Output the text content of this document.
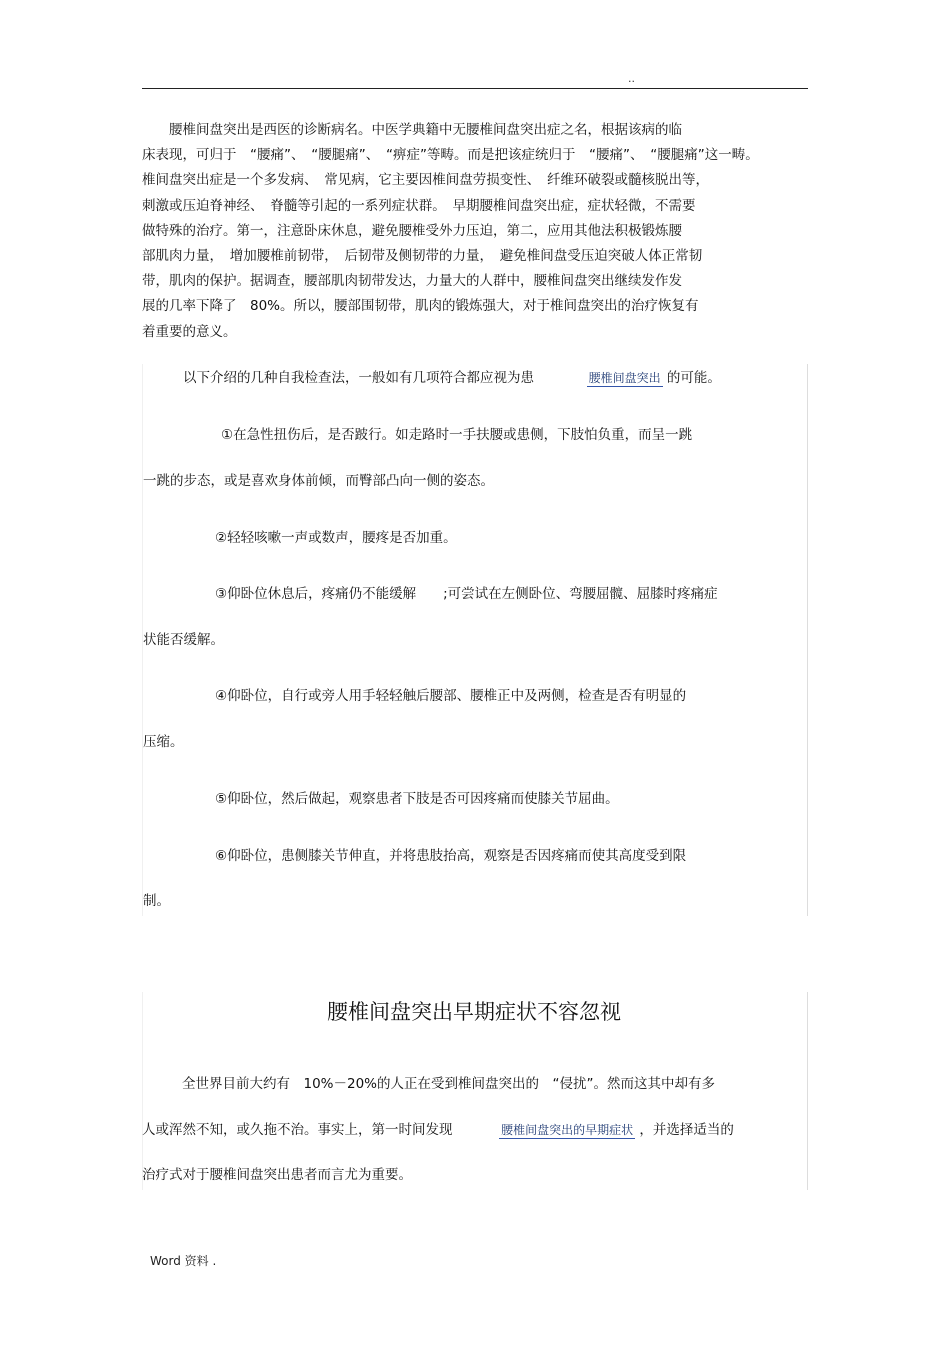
..
　　腰椎间盘突出是西医的诊断病名。中医学典籍中无腰椎间盘突出症之名，根据该病的临
床表现，可归于　“腰痛”、　“腰腿痛”、　“痹症”等畴。而是把该症统归于　“腰痛”、　“腰腿痛”这一畴。
椎间盘突出症是一个多发病、　常见病，它主要因椎间盘劳损变性、　纤维环破裂或髓核脱出等，
刺激或压迫脊神经、　脊髓等引起的一系列症状群。　早期腰椎间盘突出症，症状轻微，不需要
做特殊的治疗。第一，注意卧床休息，避免腰椎受外力压迫，第二，应用其他法积极锻炼腰
部肌肉力量，　增加腰椎前韧带，　后韧带及侧韧带的力量，　避免椎间盘受压迫突破人体正常韧
带，肌肉的保护。据调查，腰部肌肉韧带发达，力量大的人群中，腰椎间盘突出继续发作发
展的几率下降了　80%。所以，腰部围韧带，肌肉的锻炼强大，对于椎间盘突出的治疗恢复有
着重要的意义。
以下介绍的几种自我检查法，一般如有几项符合都应视为患	腰椎间盘突出 的可能。
①在急性扭伤后，是否跛行。如走路时一手扶腰或患侧，下肢怕负重，而呈一跳
一跳的步态，或是喜欢身体前倾，而臀部凸向一侧的姿态。
②轻轻咳嗽一声或数声，腰疼是否加重。
③仰卧位休息后，疼痛仍不能缓解　　;可尝试在左侧卧位、弯腰屈髋、屈膝时疼痛症
状能否缓解。
④仰卧位，自行或旁人用手轻轻触后腰部、腰椎正中及两侧，检查是否有明显的
压缩。
⑤仰卧位，然后做起，观察患者下肢是否可因疼痛而使膝关节屈曲。
⑥仰卧位，患侧膝关节伸直，并将患肢抬高，观察是否因疼痛而使其高度受到限
制。
腰椎间盘突出早期症状不容忽视
全世界目前大约有　10%－20%的人正在受到椎间盘突出的　“侵扰”。然而这其中却有多
人或浑然不知，或久拖不治。事实上，第一时间发现	腰椎间盘突出的早期症状 ，并选择适当的
治疗式对于腰椎间盘突出患者而言尤为重要。
Word 资料 .
